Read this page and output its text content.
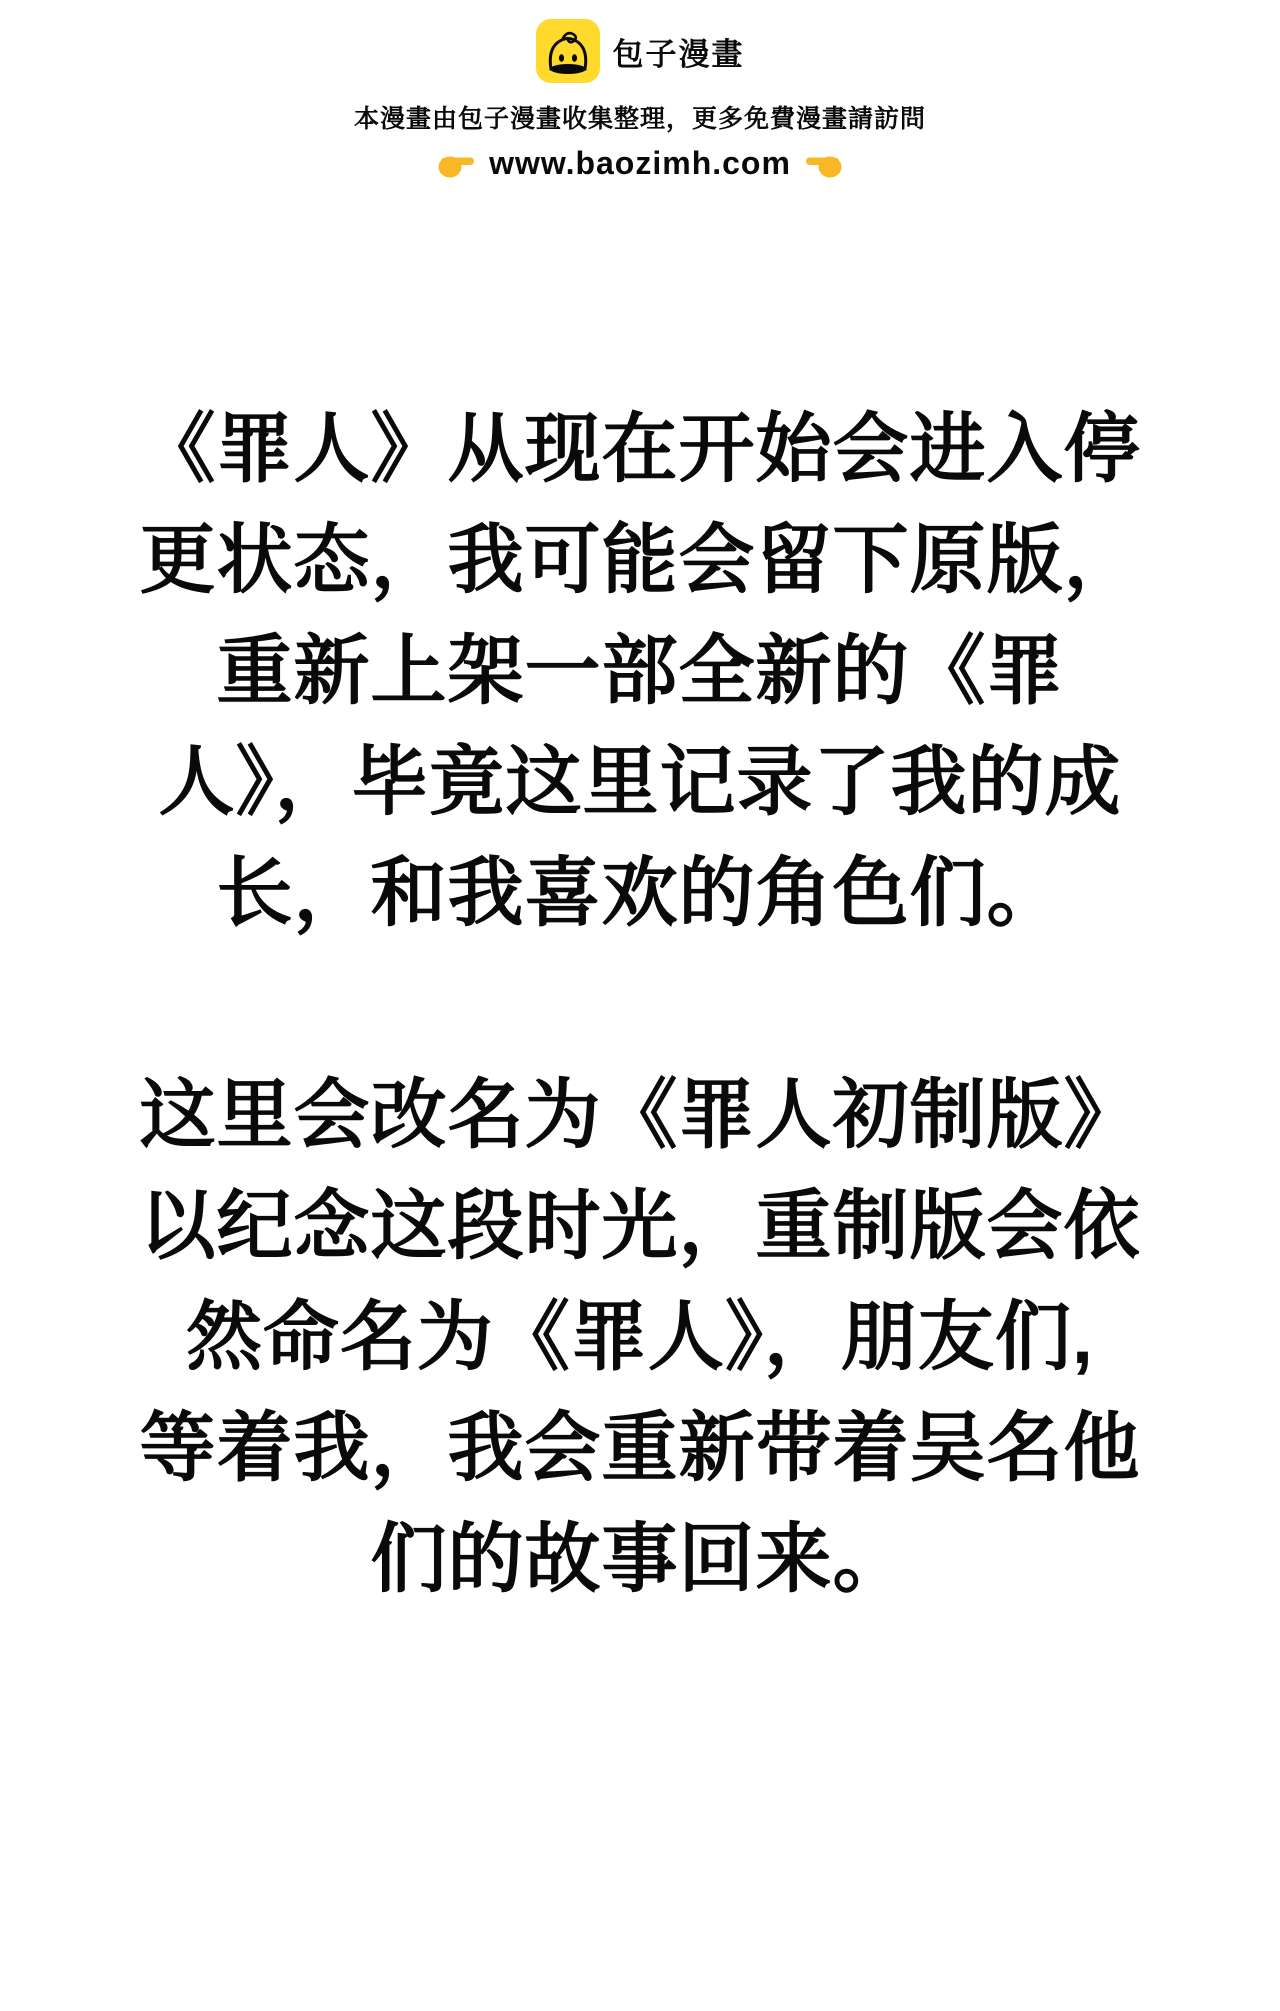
包子漫畫
本漫畫由包子漫畫收集整理，更多免費漫畫請訪問
www.baozimh.com

《罪人》从现在开始会进入停
更状态，我可能会留下原版，
重新上架一部全新的《罪
人》，毕竟这里记录了我的成
长，和我喜欢的角色们。

这里会改名为《罪人初制版》
以纪念这段时光，重制版会依
然命名为《罪人》，朋友们,
等着我，我会重新带着吴名他
们的故事回来。
